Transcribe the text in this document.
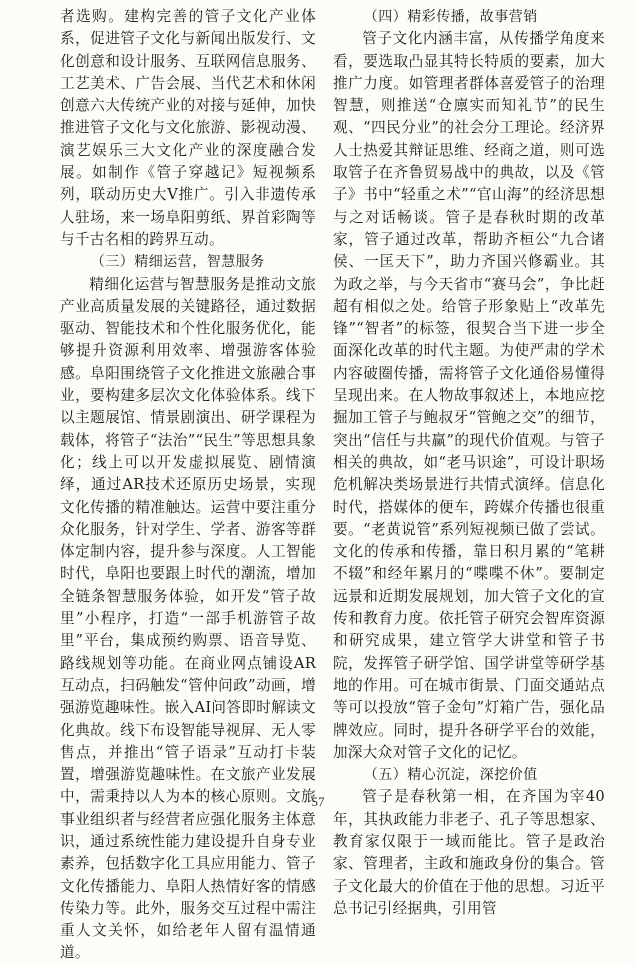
者选购。建构完善的管子文化产业体系，促进管子文化与新闻出版发行、文化创意和设计服务、互联网信息服务、工艺美术、广告会展、当代艺术和休闲创意六大传统产业的对接与延伸，加快推进管子文化与文化旅游、影视动漫、演艺娱乐三大文化产业的深度融合发展。如制作《管子穿越记》短视频系列，联动历史大V推广。引入非遗传承人驻场，来一场阜阳剪纸、界首彩陶等与千古名相的跨界互动。

（三）精细运营，智慧服务

精细化运营与智慧服务是推动文旅产业高质量发展的关键路径，通过数据驱动、智能技术和个性化服务优化，能够提升资源利用效率、增强游客体验感。阜阳围绕管子文化推进文旅融合事业，要构建多层次文化体验体系。线下以主题展馆、情景剧演出、研学课程为载体，将管子“法治”“民生”等思想具象化；线上可以开发虚拟展览、剧情演绎，通过AR技术还原历史场景，实现文化传播的精准触达。运营中要注重分众化服务，针对学生、学者、游客等群体定制内容，提升参与深度。人工智能时代，阜阳也要跟上时代的潮流，增加全链条智慧服务体验，如开发“管子故里”小程序，打造“一部手机游管子故里”平台，集成预约购票、语音导览、路线规划等功能。在商业网点铺设AR互动点，扫码触发“管仲问政”动画，增强游览趣味性。嵌入AI问答即时解读文化典故。线下布设智能导视屏、无人零售点，并推出“管子语录”互动打卡装置，增强游览趣味性。在文旅产业发展中，需秉持以人为本的核心原则。文旅事业组织者与经营者应强化服务主体意识，通过系统性能力建设提升自身专业素养，包括数字化工具应用能力、管子文化传播能力、阜阳人热情好客的情感传染力等。此外，服务交互过程中需注重人文关怀，如给老年人留有温情通道。

（四）精彩传播，故事营销

管子文化内涵丰富，从传播学角度来看，要选取凸显其特长特质的要素，加大推广力度。如管理者群体喜爱管子的治理智慧，则推送“仓廪实而知礼节”的民生观、“四民分业”的社会分工理论。经济界人士热爱其辩证思维、经商之道，则可选取管子在齐鲁贸易战中的典故，以及《管子》书中“轻重之术”“官山海”的经济思想与之对话畅谈。管子是春秋时期的改革家，管子通过改革，帮助齐桓公“九合诸侯、一匡天下”，助力齐国兴修霸业。其为政之举，与今天省市“赛马会”，争比赶超有相似之处。给管子形象贴上“改革先锋”“智者”的标签，很契合当下进一步全面深化改革的时代主题。为使严肃的学术内容破圈传播，需将管子文化通俗易懂得呈现出来。在人物故事叙述上，本地应挖掘加工管子与鲍叔牙“管鲍之交”的细节，突出“信任与共赢”的现代价值观。与管子相关的典故，如“老马识途”，可设计职场危机解决类场景进行共情式演绎。信息化时代，搭媒体的便车，跨媒介传播也很重要。“老黄说管”系列短视频已做了尝试。文化的传承和传播，靠日积月累的“笔耕不辍”和经年累月的“喋喋不休”。要制定远景和近期发展规划，加大管子文化的宣传和教育力度。依托管子研究会智库资源和研究成果，建立管学大讲堂和管子书院，发挥管子研学馆、国学讲堂等研学基地的作用。可在城市街景、门面交通站点等可以投放“管子金句”灯箱广告，强化品牌效应。同时，提升各研学平台的效能，加深大众对管子文化的记忆。

（五）精心沉淀，深挖价值

管子是春秋第一相，在齐国为宰40年，其执政能力非老子、孔子等思想家、教育家仅限于一域而能比。管子是政治家、管理者，主政和施政身份的集合。管子文化最大的价值在于他的思想。习近平总书记引经据典，引用管

57
